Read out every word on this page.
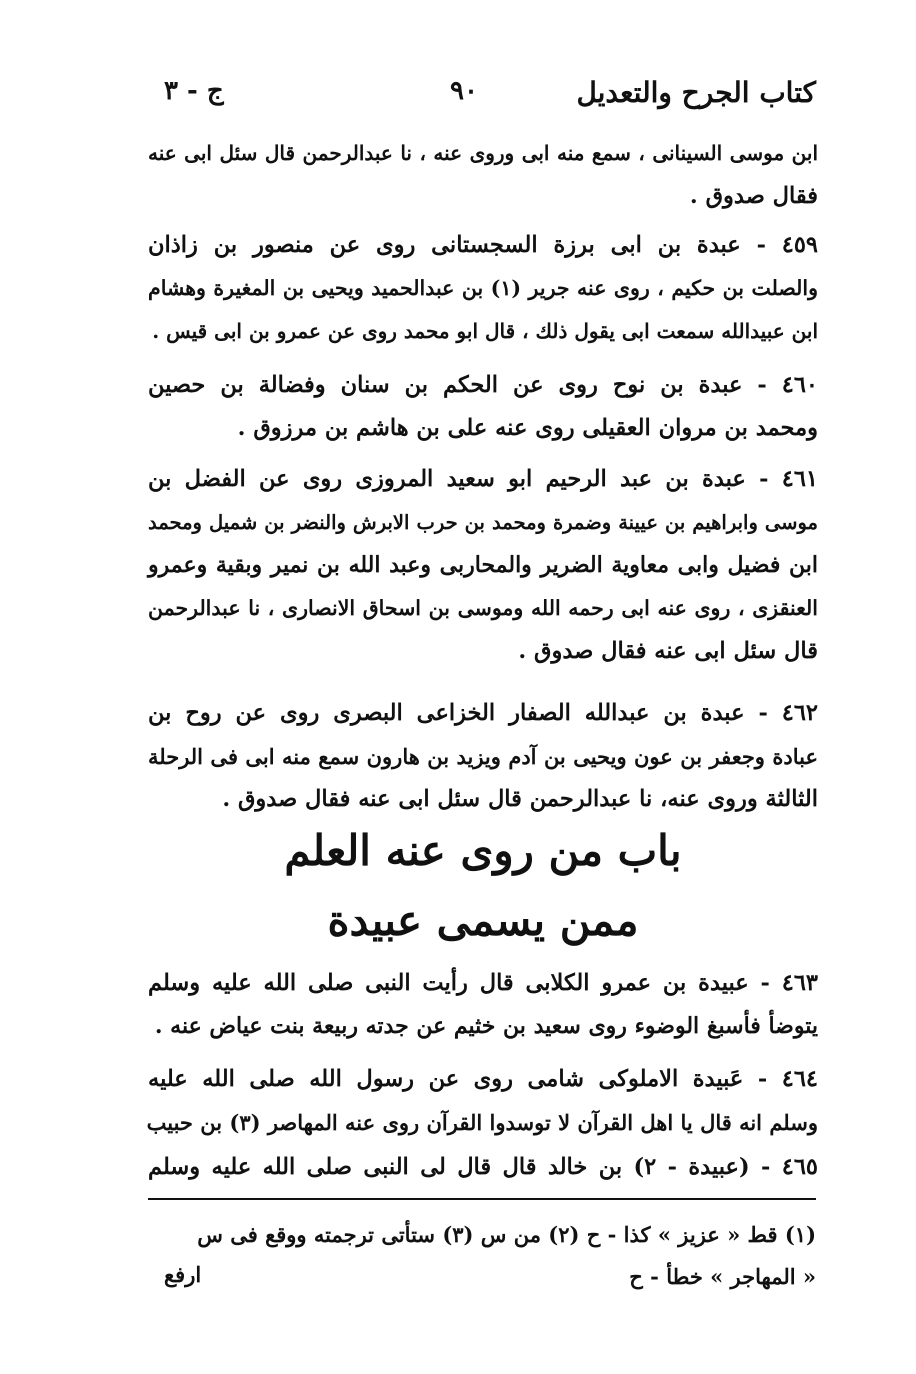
كتاب الجرح والتعديل
٩٠
ج - ٣
ابن موسى السينانى ، سمع منه ابى وروى عنه ، نا عبدالرحمن قال سئل ابى عنه
فقال صدوق .
٤٥٩ - عبدة بن ابى برزة السجستانى روى عن منصور بن زاذان
والصلت بن حكيم ، روى عنه جرير (١) بن عبدالحميد ويحيى بن المغيرة وهشام
ابن عبيدالله سمعت ابى يقول ذلك ، قال ابو محمد روى عن عمرو بن ابى قيس .
٤٦٠ - عبدة بن نوح روى عن الحكم بن سنان وفضالة بن حصين
ومحمد بن مروان العقيلى روى عنه على بن هاشم بن مرزوق .
٤٦١ - عبدة بن عبد الرحيم ابو سعيد المروزى روى عن الفضل بن
موسى وابراهيم بن عيينة وضمرة ومحمد بن حرب الابرش والنضر بن شميل ومحمد
ابن فضيل وابى معاوية الضرير والمحاربى وعبد الله بن نمير وبقية وعمرو
العنقزى ، روى عنه ابى رحمه الله وموسى بن اسحاق الانصارى ، نا عبدالرحمن
قال سئل ابى عنه فقال صدوق .
٤٦٢ - عبدة بن عبدالله الصفار الخزاعى البصرى روى عن روح بن
عبادة وجعفر بن عون ويحيى بن آدم ويزيد بن هارون سمع منه ابى فى الرحلة
الثالثة وروى عنه، نا عبدالرحمن قال سئل ابى عنه فقال صدوق .
باب من روى عنه العلم
ممن يسمى عبيدة
٤٦٣ - عبيدة بن عمرو الكلابى قال رأيت النبى صلى الله عليه وسلم
يتوضأ فأسبغ الوضوء روى سعيد بن خثيم عن جدته ربيعة بنت عياض عنه .
٤٦٤ - عَبيدة الاملوكى شامى روى عن رسول الله صلى الله عليه
وسلم انه قال يا اهل القرآن لا توسدوا القرآن روى عنه المهاصر (٣) بن حبيب
٤٦٥ - (عبيدة - ٢) بن خالد قال قال لى النبى صلى الله عليه وسلم
(١) قط « عزيز » كذا - ح (٢) من س (٣) ستأتى ترجمته ووقع فى س
« المهاجر » خطأ - ح
ارفع
